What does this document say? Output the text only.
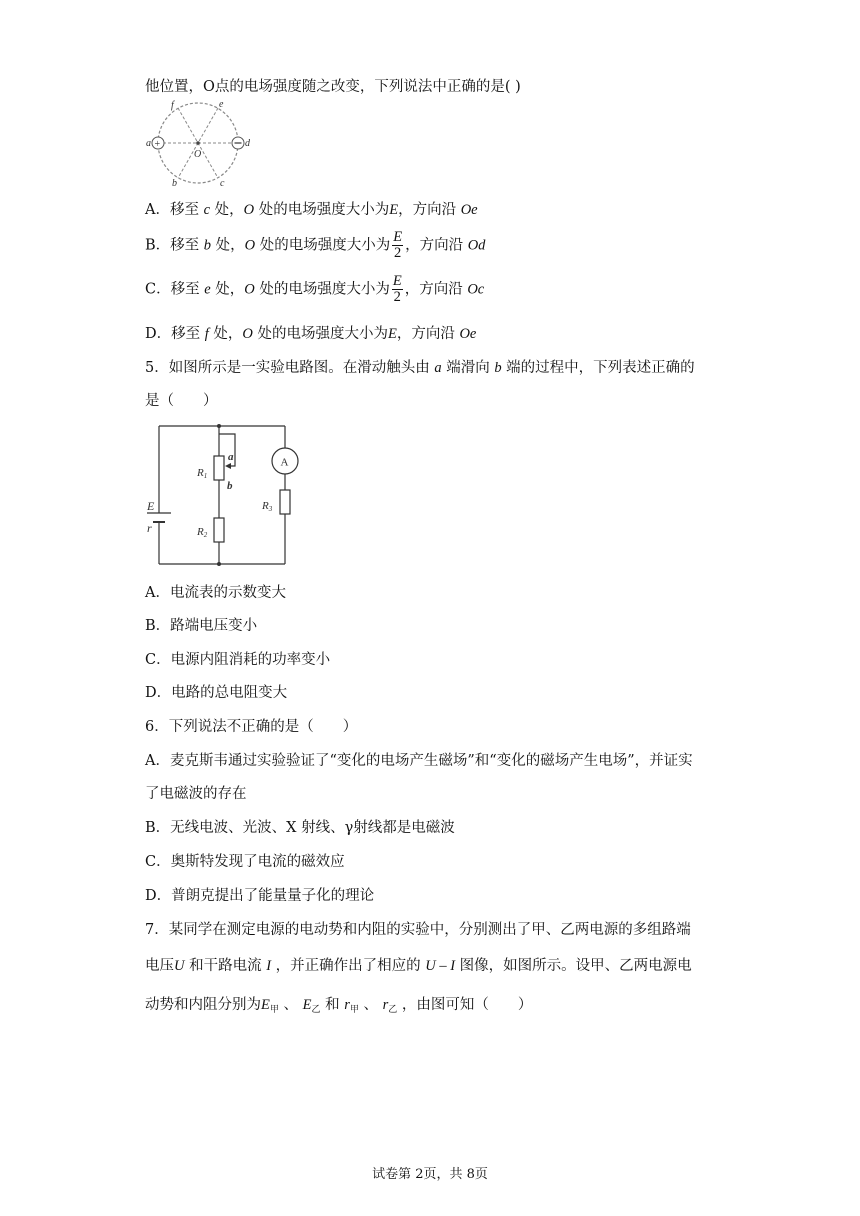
他位置，O点的电场强度随之改变，下列说法中正确的是( )
+
a	d
f	e
b	c
O
A．移至 c 处，O 处的电场强度大小为E，方向沿 Oe
B．移至 b 处，O 处的电场强度大小为 $\frac{E}{2}$ ，方向沿 Od
C．移至 e 处，O 处的电场强度大小为 $\frac{E}{2}$ ，方向沿 Oc
D．移至 f 处，O 处的电场强度大小为E，方向沿 Oe
5．如图所示是一实验电路图。在滑动触头由 a 端滑向 b 端的过程中，下列表述正确的
是（　　）
A
a
b
R1
R2
R3
E
r
A．电流表的示数变大
B．路端电压变小
C．电源内阻消耗的功率变小
D．电路的总电阻变大
6．下列说法不正确的是（　　）
A．麦克斯韦通过实验验证了“变化的电场产生磁场”和“变化的磁场产生电场”，并证实
了电磁波的存在
B．无线电波、光波、X 射线、γ射线都是电磁波
C．奥斯特发现了电流的磁效应
D．普朗克提出了能量量子化的理论
7．某同学在测定电源的电动势和内阻的实验中，分别测出了甲、乙两电源的多组路端
电压U 和干路电流 I ，并正确作出了相应的 U – I 图像，如图所示。设甲、乙两电源电
动势和内阻分别为$E_甲$ 、 $E_乙$ 和 $r_甲$ 、 $r_乙$ ，由图可知（　　）
试卷第 2页，共 8页
